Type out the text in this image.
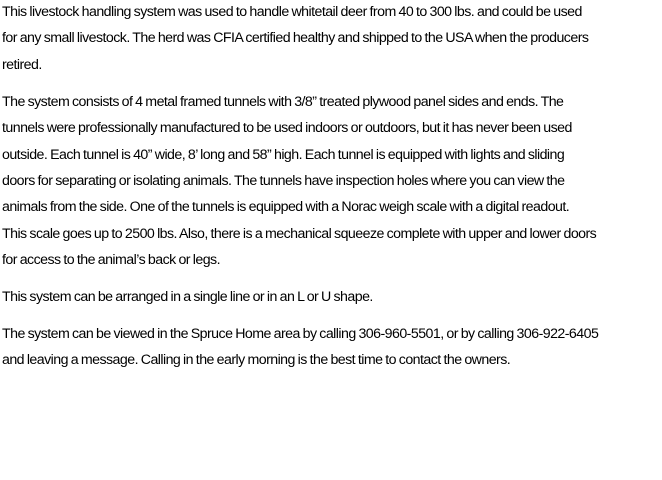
This livestock handling system was used to handle whitetail deer from 40 to 300 lbs. and could be used
for any small livestock. The herd was CFIA certified healthy and shipped to the USA when the producers
retired.

The system consists of 4 metal framed tunnels with 3/8” treated plywood panel sides and ends. The
tunnels were professionally manufactured to be used indoors or outdoors, but it has never been used
outside. Each tunnel is 40” wide, 8’ long and 58” high. Each tunnel is equipped with lights and sliding
doors for separating or isolating animals. The tunnels have inspection holes where you can view the
animals from the side. One of the tunnels is equipped with a Norac weigh scale with a digital readout.
This scale goes up to 2500 lbs. Also, there is a mechanical squeeze complete with upper and lower doors
for access to the animal’s back or legs.

This system can be arranged in a single line or in an L or U shape.

The system can be viewed in the Spruce Home area by calling 306-960-5501, or by calling 306-922-6405
and leaving a message. Calling in the early morning is the best time to contact the owners.
